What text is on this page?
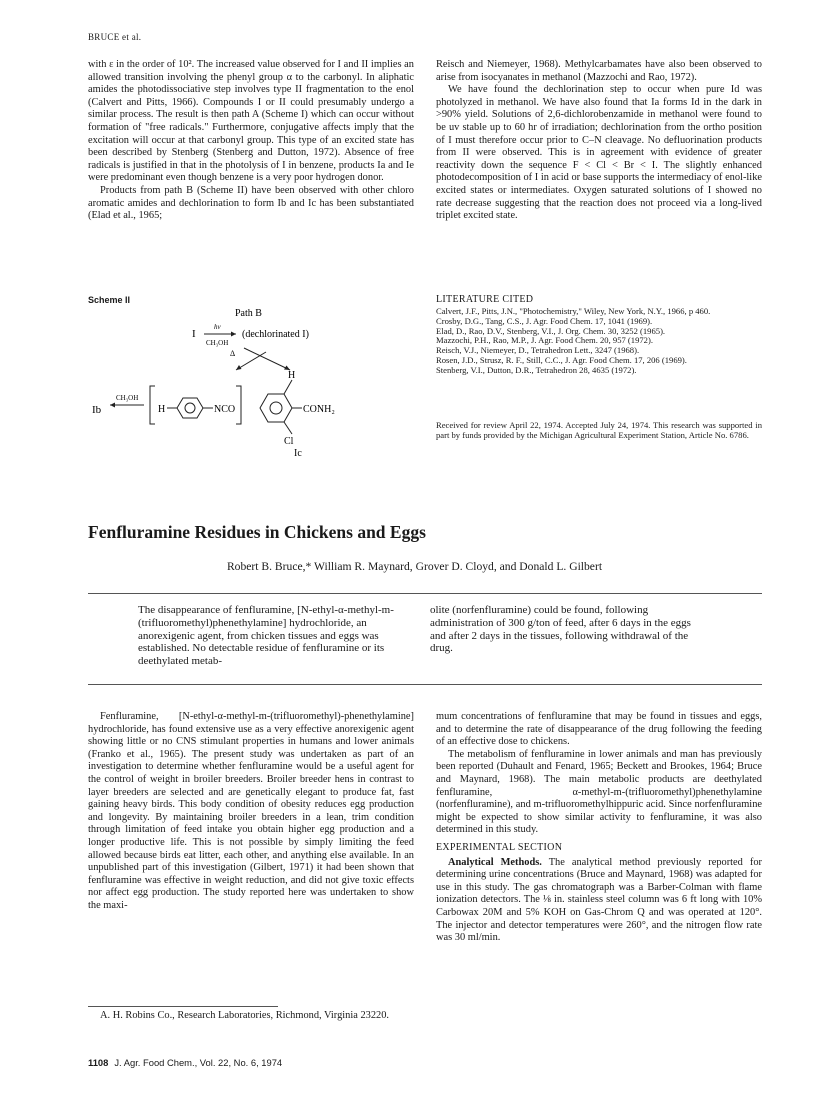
BRUCE et al.

with ε in the order of 10². The increased value observed for I and II implies an allowed transition involving the phenyl group α to the carbonyl. In aliphatic amides the photodissociative step involves type II fragmentation to the enol (Calvert and Pitts, 1966). Compounds I or II could presumably undergo a similar process. The result is then path A (Scheme I) which can occur without formation of "free radicals." Furthermore, conjugative affects imply that the excitation will occur at that carbonyl group. This type of an excited state has been described by Stenberg (Stenberg and Dutton, 1972). Absence of free radicals is justified in that in the photolysis of I in benzene, products Ia and Ie were predominant even though benzene is a very poor hydrogen donor.

Products from path B (Scheme II) have been observed with other chloro aromatic amides and dechlorination to form Ib and Ic has been substantiated (Elad et al., 1965;

Reisch and Niemeyer, 1968). Methylcarbamates have also been observed to arise from isocyanates in methanol (Mazzochi and Rao, 1972).

We have found the dechlorination step to occur when pure Id was photolyzed in methanol. We have also found that Ia forms Id in the dark in >90% yield. Solutions of 2,6-dichlorobenzamide in methanol were found to be uv stable up to 60 hr of irradiation; dechlorination from the ortho position of I must therefore occur prior to C–N cleavage. No defluorination products from II were observed. This is in agreement with evidence of greater reactivity down the sequence F < Cl < Br < I. The slightly enhanced photodecomposition of I in acid or base supports the intermediacy of enol-like excited states or intermediates. Oxygen saturated solutions of I showed no rate decrease suggesting that the reaction does not proceed via a long-lived triplet excited state.

Scheme II
Path B
I
hν
CH₃OH
(dechlorinated I)
Δ
Ib
CH₃OH
H	NCO
H
CONH₂
Cl
Ic
LITERATURE CITED
Calvert, J.F., Pitts, J.N., "Photochemistry," Wiley, New York, N.Y., 1966, p 460.
Crosby, D.G., Tang, C.S., J. Agr. Food Chem. 17, 1041 (1969).
Elad, D., Rao, D.V., Stenberg, V.I., J. Org. Chem. 30, 3252 (1965).
Mazzochi, P.H., Rao, M.P., J. Agr. Food Chem. 20, 957 (1972).
Reisch, V.J., Niemeyer, D., Tetrahedron Lett., 3247 (1968).
Rosen, J.D., Strusz, R. F., Still, C.C., J. Agr. Food Chem. 17, 206 (1969).
Stenberg, V.I., Dutton, D.R., Tetrahedron 28, 4635 (1972).
Received for review April 22, 1974. Accepted July 24, 1974. This research was supported in part by funds provided by the Michigan Agricultural Experiment Station, Article No. 6786.
Fenfluramine Residues in Chickens and Eggs
Robert B. Bruce,* William R. Maynard, Grover D. Cloyd, and Donald L. Gilbert
The disappearance of fenfluramine, [N-ethyl-α-methyl-m-(trifluoromethyl)phenethylamine] hydrochloride, an anorexigenic agent, from chicken tissues and eggs was established. No detectable residue of fenfluramine or its deethylated metab-
olite (norfenfluramine) could be found, following administration of 300 g/ton of feed, after 6 days in the eggs and after 2 days in the tissues, following withdrawal of the drug.

Fenfluramine, [N-ethyl-α-methyl-m-(trifluoromethyl)-phenethylamine] hydrochloride, has found extensive use as a very effective anorexigenic agent showing little or no CNS stimulant properties in humans and lower animals (Franko et al., 1965). The present study was undertaken as part of an investigation to determine whether fenfluramine would be a useful agent for the control of weight in broiler breeders. Broiler breeder hens in contrast to layer breeders are selected and are genetically elegant to produce fat, fast gaining heavy birds. This body condition of obesity reduces egg production and longevity. By maintaining broiler breeders in a lean, trim condition through limitation of feed intake you obtain higher egg production and a longer productive life. This is not possible by simply limiting the feed allowed because birds eat litter, each other, and anything else available. In an unpublished part of this investigation (Gilbert, 1971) it had been shown that fenfluramine was effective in weight reduction, and did not give toxic effects nor affect egg production. The study reported here was undertaken to show the maxi-

mum concentrations of fenfluramine that may be found in tissues and eggs, and to determine the rate of disappearance of the drug following the feeding of an effective dose to chickens.

The metabolism of fenfluramine in lower animals and man has previously been reported (Duhault and Fenard, 1965; Beckett and Brookes, 1964; Bruce and Maynard, 1968). The main metabolic products are deethylated fenfluramine, α-methyl-m-(trifluoromethyl)phenethylamine (norfenfluramine), and m-trifluoromethylhippuric acid. Since norfenfluramine might be expected to show similar activity to fenfluramine, it was also determined in this study.

EXPERIMENTAL SECTION

Analytical Methods. The analytical method previously reported for determining urine concentrations (Bruce and Maynard, 1968) was adapted for use in this study. The gas chromatograph was a Barber-Colman with flame ionization detectors. The ⅛ in. stainless steel column was 6 ft long with 10% Carbowax 20M and 5% KOH on Gas-Chrom Q and was operated at 120°. The injector and detector temperatures were 260°, and the nitrogen flow rate was 30 ml/min.

A. H. Robins Co., Research Laboratories, Richmond, Virginia 23220.
1108 J. Agr. Food Chem., Vol. 22, No. 6, 1974
